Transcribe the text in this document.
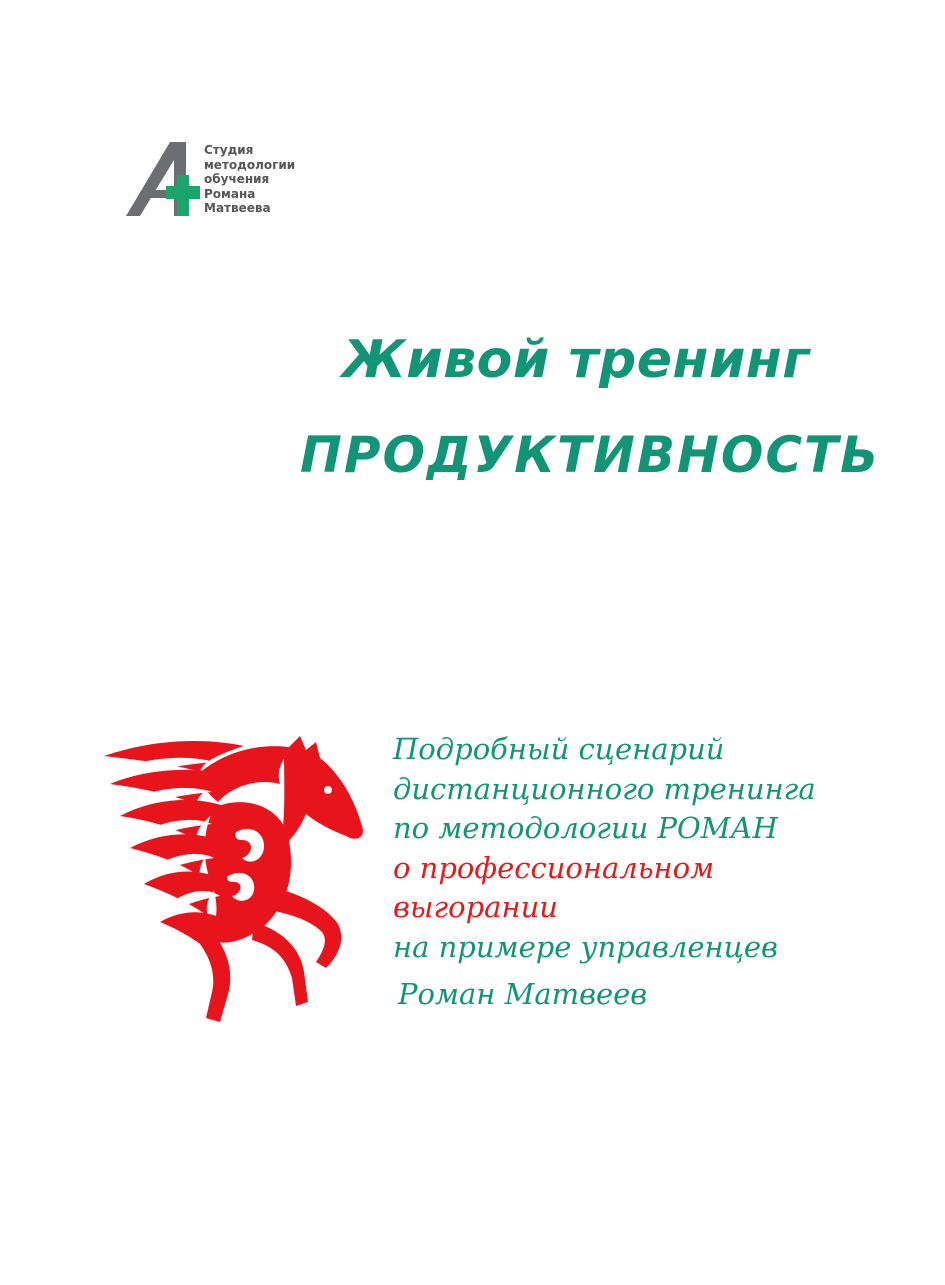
Студия
методологии
обучения
Романа
Матвеева
Живой тренинг
ПРОДУКТИВНОСТЬ
Подробный сценарий
дистанционного тренинга
по методологии РОМАН
о профессиональном
выгорании
на примере управленцев
Роман Матвеев
